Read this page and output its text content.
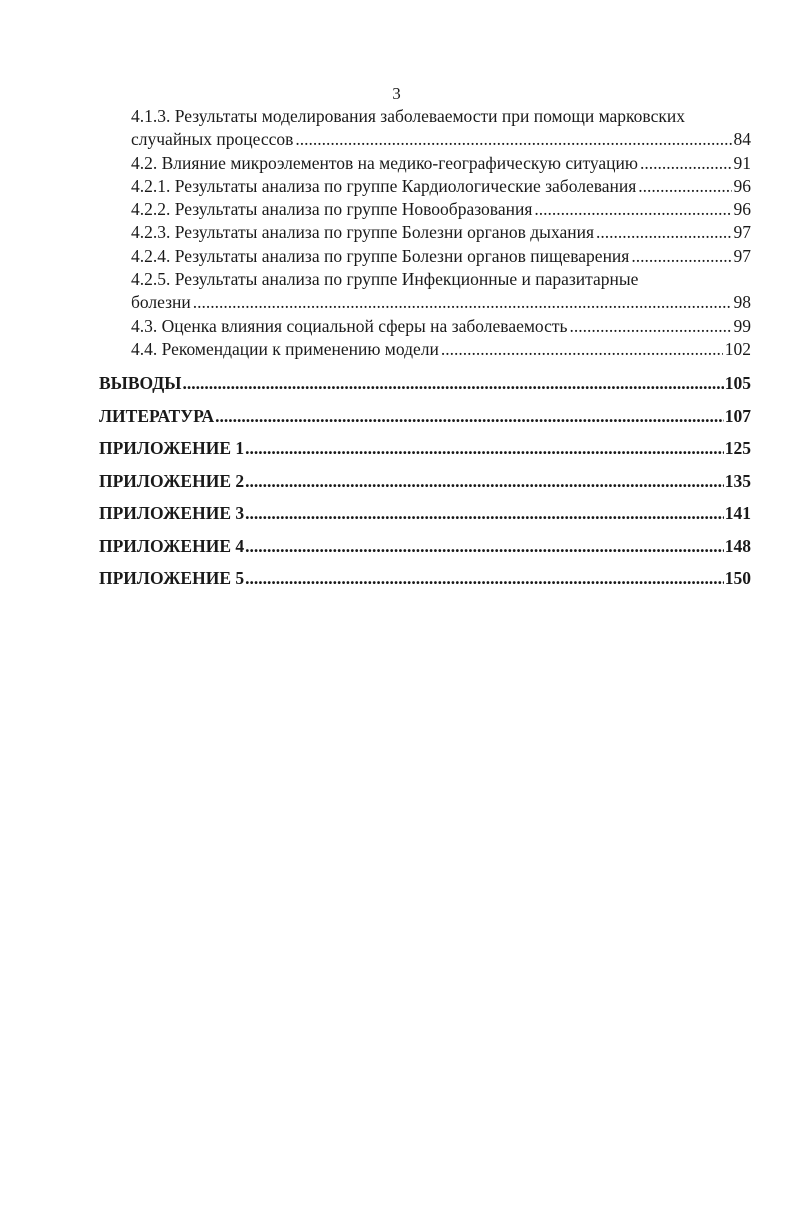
3
4.1.3. Результаты моделирования заболеваемости при помощи марковских
случайных процессов .....	84
4.2. Влияние микроэлементов на медико-географическую ситуацию .....	91
4.2.1. Результаты анализа по группе Кардиологические заболевания .....	96
4.2.2. Результаты анализа по группе Новообразования .....	96
4.2.3. Результаты анализа по группе Болезни органов дыхания .....	97
4.2.4. Результаты анализа по группе Болезни органов пищеварения .....	97
4.2.5. Результаты анализа по группе Инфекционные и паразитарные
болезни .....	98
4.3. Оценка влияния социальной сферы на заболеваемость .....	99
4.4. Рекомендации к применению модели .....	102
ВЫВОДЫ .....	105
ЛИТЕРАТУРА .....	107
ПРИЛОЖЕНИЕ 1 .....	125
ПРИЛОЖЕНИЕ 2 .....	135
ПРИЛОЖЕНИЕ 3 .....	141
ПРИЛОЖЕНИЕ 4 .....	148
ПРИЛОЖЕНИЕ 5 .....	150
